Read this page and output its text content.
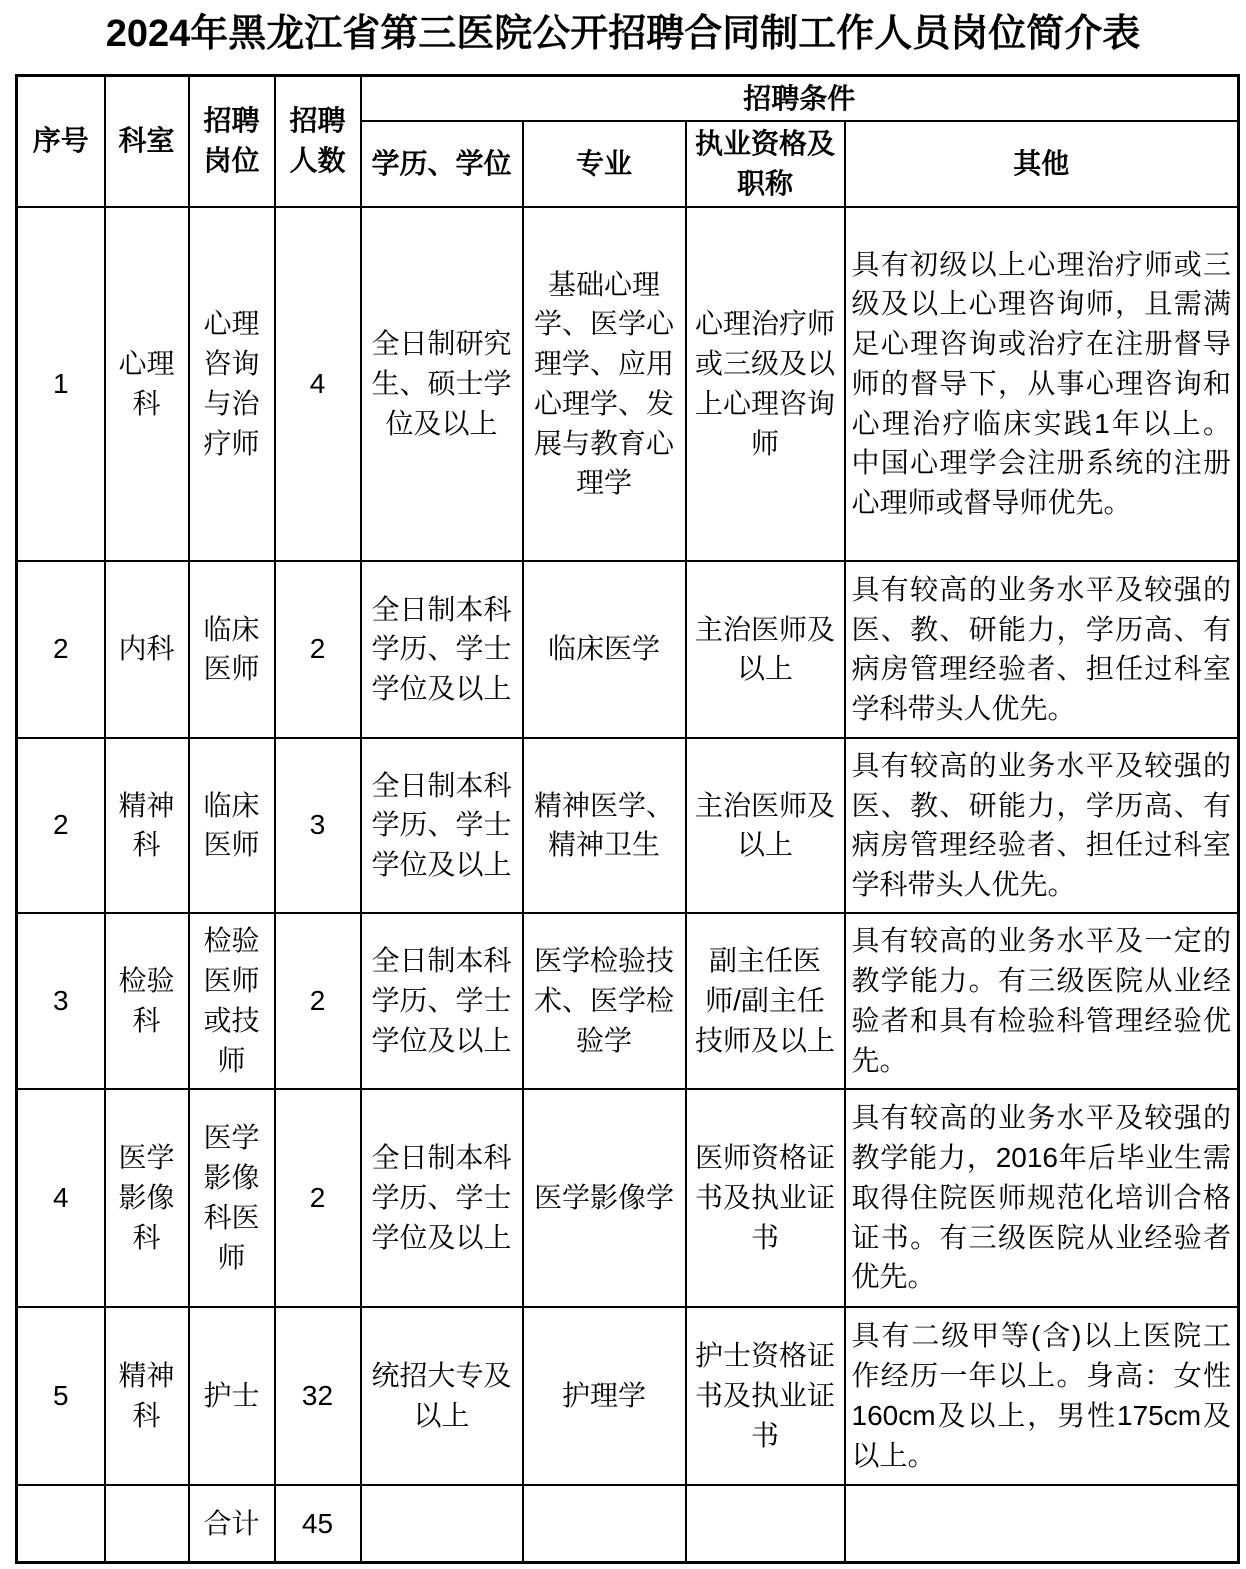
2024年黑龙江省第三医院公开招聘合同制工作人员岗位简介表
序号	科室	招聘岗位	招聘人数	招聘条件			
				学历、学位	专业	执业资格及职称	其他
1	心理科	心理咨询与治疗师	4	全日制研究生、硕士学位及以上	基础心理学、医学心理学、应用心理学、发展与教育心理学	心理治疗师或三级及以上心理咨询师	具有初级以上心理治疗师或三级及以上心理咨询师，且需满足心理咨询或治疗在注册督导师的督导下，从事心理咨询和心理治疗临床实践1年以上。中国心理学会注册系统的注册心理师或督导师优先。
2	内科	临床医师	2	全日制本科学历、学士学位及以上	临床医学	主治医师及以上	具有较高的业务水平及较强的医、教、研能力，学历高、有病房管理经验者、担任过科室学科带头人优先。
2	精神科	临床医师	3	全日制本科学历、学士学位及以上	精神医学、精神卫生	主治医师及以上	具有较高的业务水平及较强的医、教、研能力，学历高、有病房管理经验者、担任过科室学科带头人优先。
3	检验科	检验医师或技师	2	全日制本科学历、学士学位及以上	医学检验技术、医学检验学	副主任医师/副主任技师及以上	具有较高的业务水平及一定的教学能力。有三级医院从业经验者和具有检验科管理经验优先。
4	医学影像科	医学影像科医师	2	全日制本科学历、学士学位及以上	医学影像学	医师资格证书及执业证书	具有较高的业务水平及较强的教学能力，2016年后毕业生需取得住院医师规范化培训合格证书。有三级医院从业经验者优先。
5	精神科	护士	32	统招大专及以上	护理学	护士资格证书及执业证书	具有二级甲等(含)以上医院工作经历一年以上。身高：女性160cm及以上，男性175cm及以上。
		合计	45				
